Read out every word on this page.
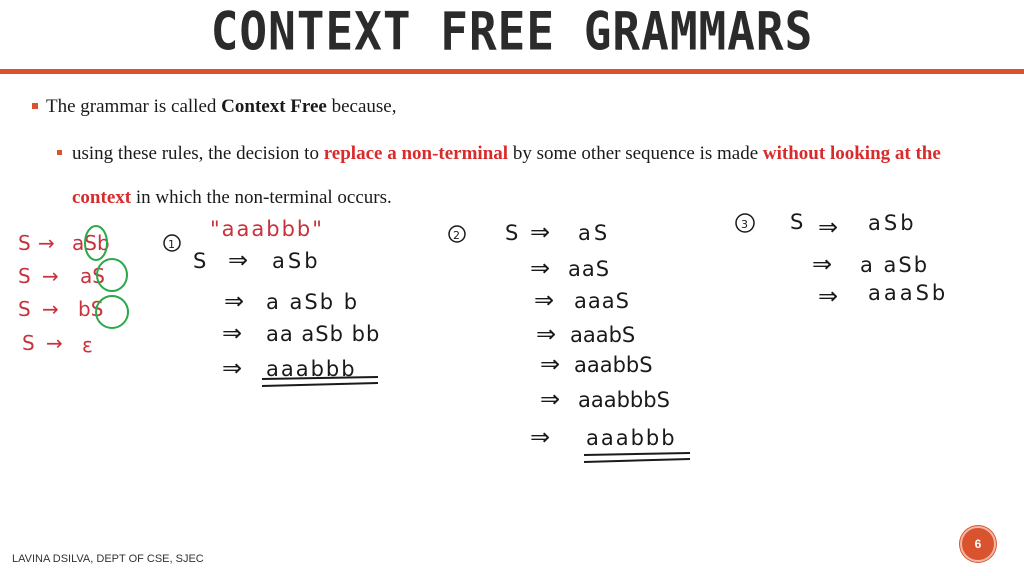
CONTEXT FREE GRAMMARS
The grammar is called Context Free because,
using these rules, the decision to replace a non-terminal by some other sequence is made without looking at the
context in which the non-terminal occurs.
S → aSb
S → aS
S → bS
S → ε
"aaabbb"
1
S ⇒ aSb
⇒ a aSb b
⇒ aa aSb bb
⇒ aaabbb
2 S ⇒ aS
⇒ aaS
⇒ aaaS
⇒ aaabS
⇒ aaabbS
⇒ aaabbbS
⇒ aaabbb
3 S ⇒ aSb
⇒ a aSb
⇒ aaaSb
LAVINA DSILVA, DEPT OF CSE, SJEC
6
